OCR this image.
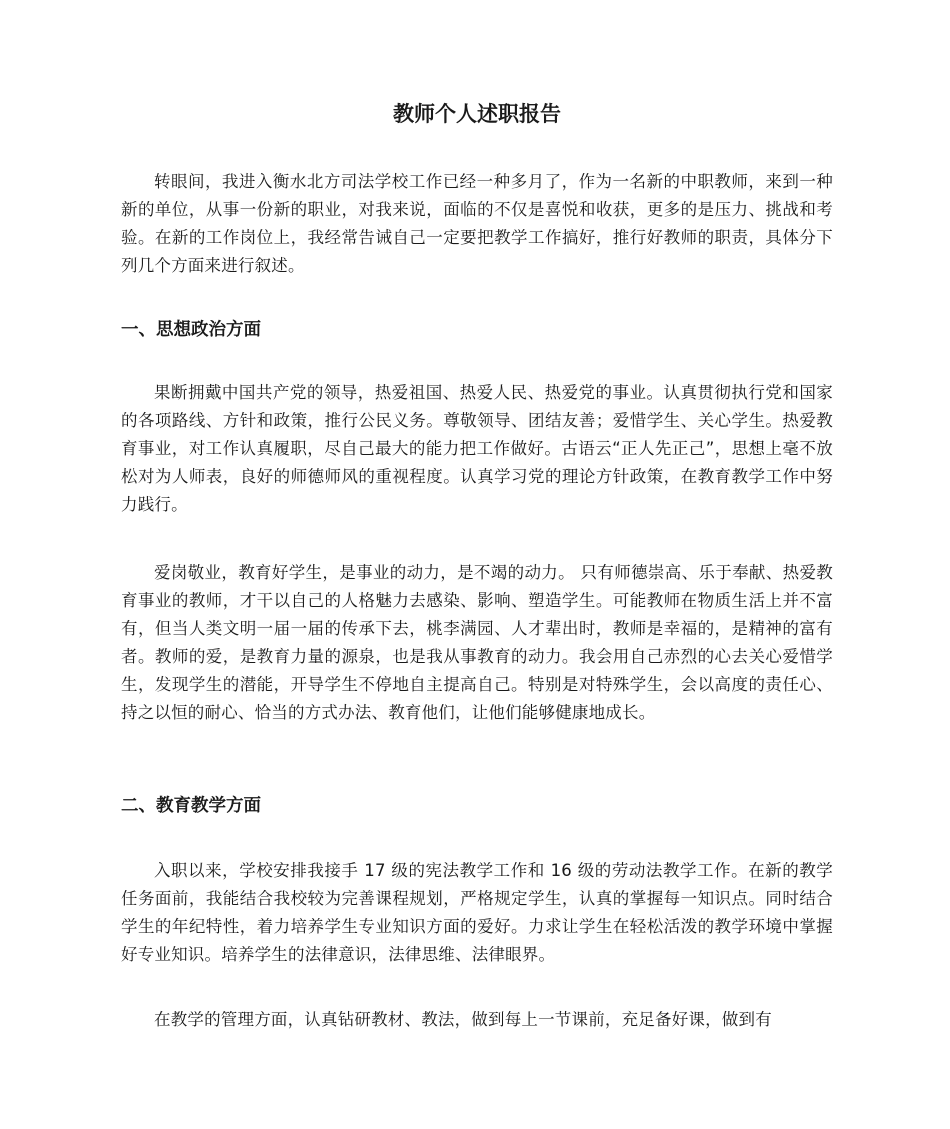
教师个人述职报告

转眼间，我进入衡水北方司法学校工作已经一种多月了，作为一名新的中职教师，来到一种新的单位，从事一份新的职业，对我来说，面临的不仅是喜悦和收获，更多的是压力、挑战和考验。在新的工作岗位上，我经常告诫自己一定要把教学工作搞好，推行好教师的职责，具体分下列几个方面来进行叙述。

一、思想政治方面

果断拥戴中国共产党的领导，热爱祖国、热爱人民、热爱党的事业。认真贯彻执行党和国家的各项路线、方针和政策，推行公民义务。尊敬领导、团结友善；爱惜学生、关心学生。热爱教育事业，对工作认真履职，尽自己最大的能力把工作做好。古语云“正人先正己”，思想上毫不放松对为人师表，良好的师德师风的重视程度。认真学习党的理论方针政策，在教育教学工作中努力践行。

爱岗敬业，教育好学生，是事业的动力，是不竭的动力。 只有师德崇高、乐于奉献、热爱教育事业的教师，才干以自己的人格魅力去感染、影响、塑造学生。可能教师在物质生活上并不富有，但当人类文明一届一届的传承下去，桃李满园、人才辈出时，教师是幸福的，是精神的富有者。教师的爱，是教育力量的源泉，也是我从事教育的动力。我会用自己赤烈的心去关心爱惜学生，发现学生的潜能，开导学生不停地自主提高自己。特别是对特殊学生，会以高度的责任心、持之以恒的耐心、恰当的方式办法、教育他们，让他们能够健康地成长。

二、教育教学方面

入职以来，学校安排我接手 17 级的宪法教学工作和 16 级的劳动法教学工作。在新的教学任务面前，我能结合我校较为完善课程规划，严格规定学生，认真的掌握每一知识点。同时结合学生的年纪特性，着力培养学生专业知识方面的爱好。力求让学生在轻松活泼的教学环境中掌握好专业知识。培养学生的法律意识，法律思维、法律眼界。

在教学的管理方面，认真钻研教材、教法，做到每上一节课前，充足备好课，做到有
